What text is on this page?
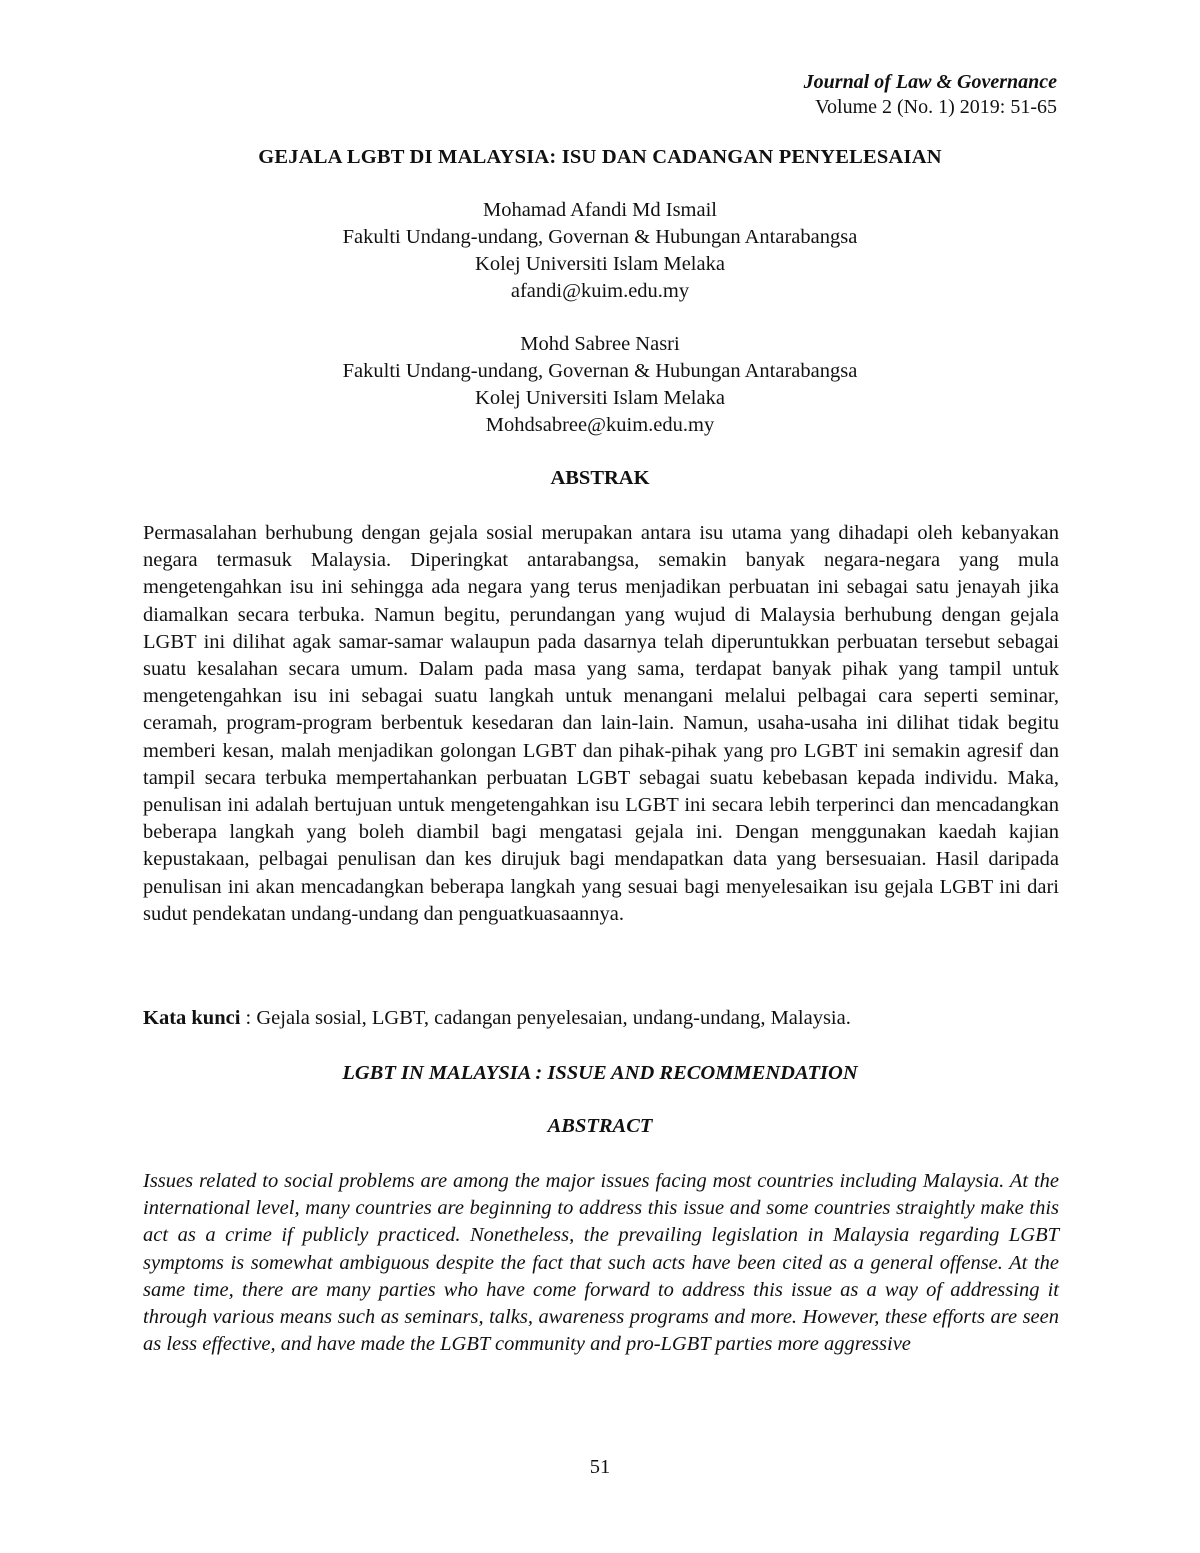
Journal of Law & Governance
Volume 2 (No. 1) 2019: 51-65
GEJALA LGBT DI MALAYSIA: ISU DAN CADANGAN PENYELESAIAN
Mohamad Afandi Md Ismail
Fakulti Undang-undang, Governan & Hubungan Antarabangsa
Kolej Universiti Islam Melaka
afandi@kuim.edu.my
Mohd Sabree Nasri
Fakulti Undang-undang, Governan & Hubungan Antarabangsa
Kolej Universiti Islam Melaka
Mohdsabree@kuim.edu.my
ABSTRAK

Permasalahan berhubung dengan gejala sosial merupakan antara isu utama yang dihadapi oleh kebanyakan negara termasuk Malaysia. Diperingkat antarabangsa, semakin banyak negara-negara yang mula mengetengahkan isu ini sehingga ada negara yang terus menjadikan perbuatan ini sebagai satu jenayah jika diamalkan secara terbuka. Namun begitu, perundangan yang wujud di Malaysia berhubung dengan gejala LGBT ini dilihat agak samar-samar walaupun pada dasarnya telah diperuntukkan perbuatan tersebut sebagai suatu kesalahan secara umum. Dalam pada masa yang sama, terdapat banyak pihak yang tampil untuk mengetengahkan isu ini sebagai suatu langkah untuk menangani melalui pelbagai cara seperti seminar, ceramah, program-program berbentuk kesedaran dan lain-lain. Namun, usaha-usaha ini dilihat tidak begitu memberi kesan, malah menjadikan golongan LGBT dan pihak-pihak yang pro LGBT ini semakin agresif dan tampil secara terbuka mempertahankan perbuatan LGBT sebagai suatu kebebasan kepada individu. Maka, penulisan ini adalah bertujuan untuk mengetengahkan isu LGBT ini secara lebih terperinci dan mencadangkan beberapa langkah yang boleh diambil bagi mengatasi gejala ini. Dengan menggunakan kaedah kajian kepustakaan, pelbagai penulisan dan kes dirujuk bagi mendapatkan data yang bersesuaian. Hasil daripada penulisan ini akan mencadangkan beberapa langkah yang sesuai bagi menyelesaikan isu gejala LGBT ini dari sudut pendekatan undang-undang dan penguatkuasaannya.

Kata kunci : Gejala sosial, LGBT, cadangan penyelesaian, undang-undang, Malaysia.
LGBT IN MALAYSIA : ISSUE AND RECOMMENDATION
ABSTRACT

Issues related to social problems are among the major issues facing most countries including Malaysia. At the international level, many countries are beginning to address this issue and some countries straightly make this act as a crime if publicly practiced. Nonetheless, the prevailing legislation in Malaysia regarding LGBT symptoms is somewhat ambiguous despite the fact that such acts have been cited as a general offense. At the same time, there are many parties who have come forward to address this issue as a way of addressing it through various means such as seminars, talks, awareness programs and more. However, these efforts are seen as less effective, and have made the LGBT community and pro-LGBT parties more aggressive

51
